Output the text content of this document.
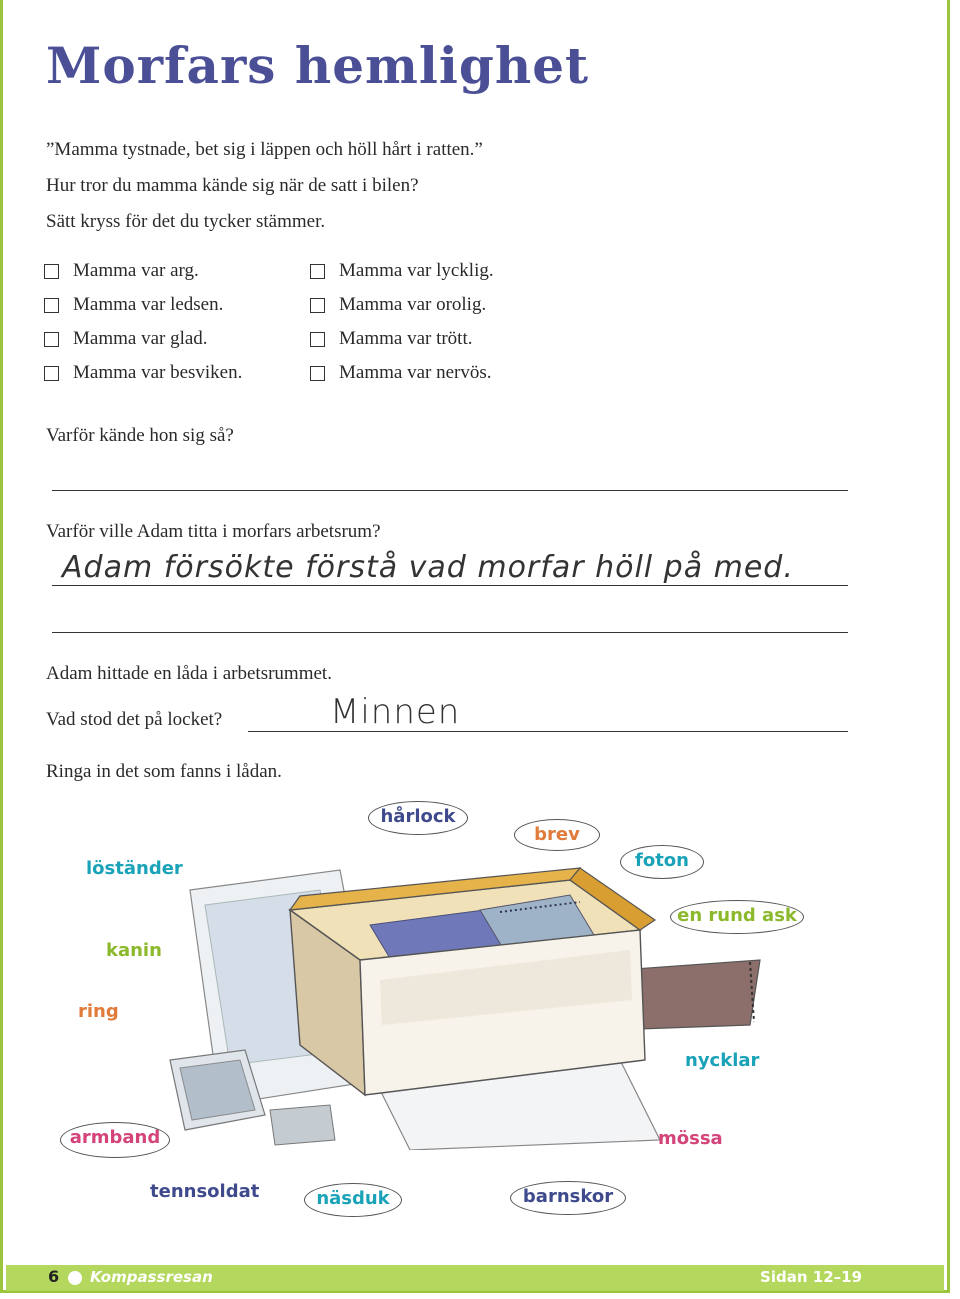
Morfars hemlighet
”Mamma tystnade, bet sig i läppen och höll hårt i ratten.”
Hur tror du mamma kände sig när de satt i bilen?
Sätt kryss för det du tycker stämmer.
Mamma var arg.
Mamma var ledsen.
Mamma var glad.
Mamma var besviken.
Mamma var lycklig.
Mamma var orolig.
Mamma var trött.
Mamma var nervös.
Varför kände hon sig så?
Varför ville Adam titta i morfars arbetsrum?
Adam försökte förstå vad morfar höll på med.
Adam hittade en låda i arbetsrummet.
Vad stod det på locket?	Minnen
Ringa in det som fanns i lådan.
hårlock
brev
löständer	foton
en rund ask
kanin
ring
nycklar
armband	mössa
tennsoldat	näsduk	barnskor
6 Kompassresan	Sidan 12–19
